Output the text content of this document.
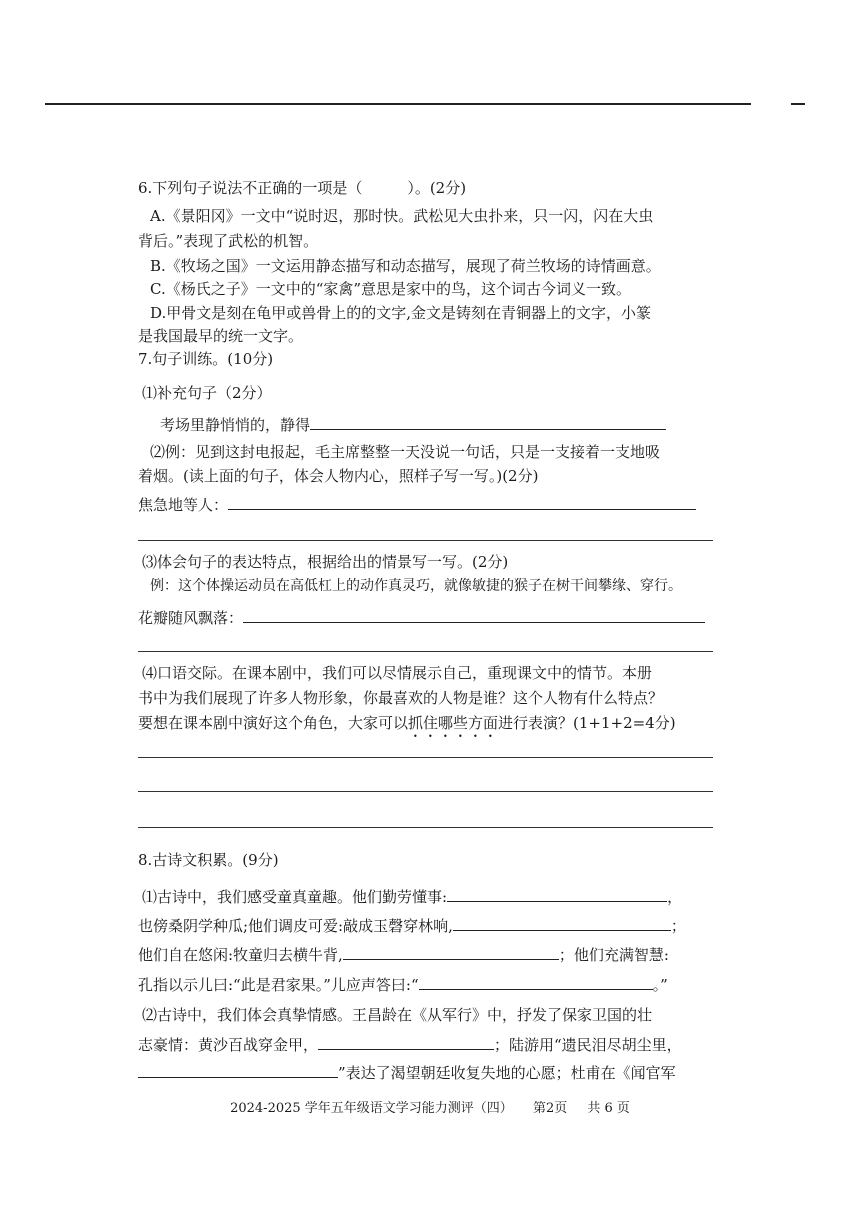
6.下列句子说法不正确的一项是（　　　）。(2分)
A.《景阳冈》一文中“说时迟，那时快。武松见大虫扑来，只一闪，闪在大虫
背后。”表现了武松的机智。
B.《牧场之国》一文运用静态描写和动态描写，展现了荷兰牧场的诗情画意。
C.《杨氏之子》一文中的“家禽”意思是家中的鸟，这个词古今词义一致。
D.甲骨文是刻在龟甲或兽骨上的的文字,金文是铸刻在青铜器上的文字，小篆
是我国最早的统一文字。
7.句子训练。(10分)
⑴补充句子（2分）
考场里静悄悄的，静得
⑵例：见到这封电报起，毛主席整整一天没说一句话，只是一支接着一支地吸
着烟。(读上面的句子，体会人物内心，照样子写一写。)(2分)
焦急地等人：
⑶体会句子的表达特点，根据给出的情景写一写。(2分)
例：这个体操运动员在高低杠上的动作真灵巧，就像敏捷的猴子在树干间攀缘、穿行。
花瓣随风飘落：
⑷口语交际。在课本剧中，我们可以尽情展示自己，重现课文中的情节。本册
书中为我们展现了许多人物形象，你最喜欢的人物是谁？这个人物有什么特点？
要想在课本剧中演好这个角色，大家可以抓住哪些方面进行表演？(1+1+2=4分)
8.古诗文积累。(9分)
⑴古诗中，我们感受童真童趣。他们勤劳懂事:	，
也傍桑阴学种瓜;他们调皮可爱:敲成玉磬穿林响,	；
他们自在悠闲:牧童归去横牛背,	；他们充满智慧:
孔指以示儿曰:“此是君家果。”儿应声答曰:“	。”
⑵古诗中，我们体会真挚情感。王昌龄在《从军行》中，抒发了保家卫国的壮
志豪情：黄沙百战穿金甲，	；陆游用“遗民泪尽胡尘里，
”表达了渴望朝廷收复失地的心愿；杜甫在《闻官军
2024-2025 学年五年级语文学习能力测评（四） 第2页 共 6 页
